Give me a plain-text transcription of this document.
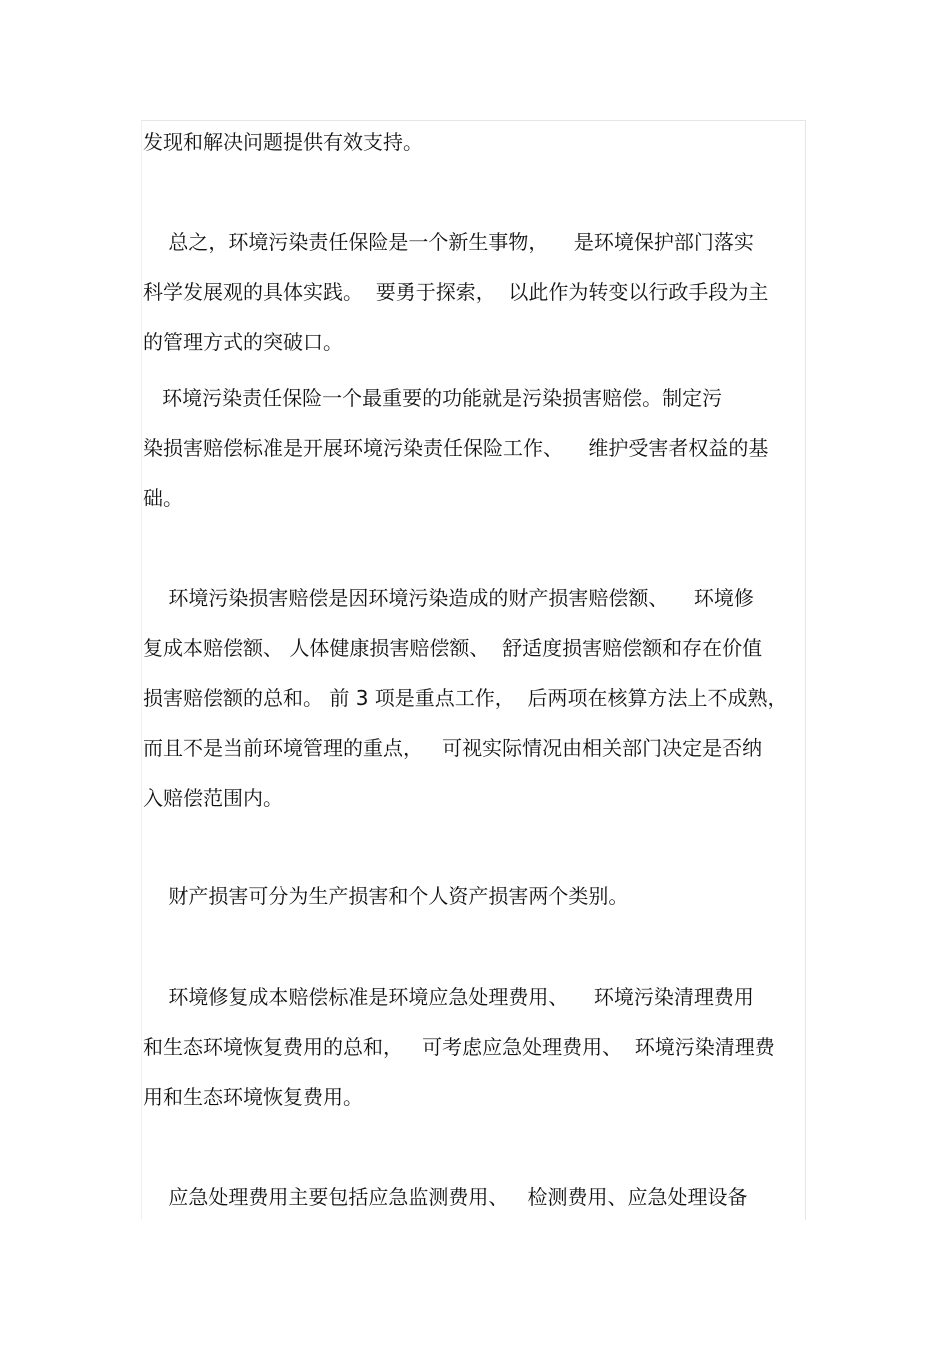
发现和解决问题提供有效支持。
总之，环境污染责任保险是一个新生事物，    是环境保护部门落实
科学发展观的具体实践。  要勇于探索，  以此作为转变以行政手段为主
的管理方式的突破口。
环境污染责任保险一个最重要的功能就是污染损害赔偿。制定污
染损害赔偿标准是开展环境污染责任保险工作、    维护受害者权益的基
础。
环境污染损害赔偿是因环境污染造成的财产损害赔偿额、    环境修
复成本赔偿额、 人体健康损害赔偿额、  舒适度损害赔偿额和存在价值
损害赔偿额的总和。 前 3 项是重点工作，  后两项在核算方法上不成熟，
而且不是当前环境管理的重点，   可视实际情况由相关部门决定是否纳
入赔偿范围内。
财产损害可分为生产损害和个人资产损害两个类别。
环境修复成本赔偿标准是环境应急处理费用、    环境污染清理费用
和生态环境恢复费用的总和，   可考虑应急处理费用、  环境污染清理费
用和生态环境恢复费用。
应急处理费用主要包括应急监测费用、   检测费用、应急处理设备
